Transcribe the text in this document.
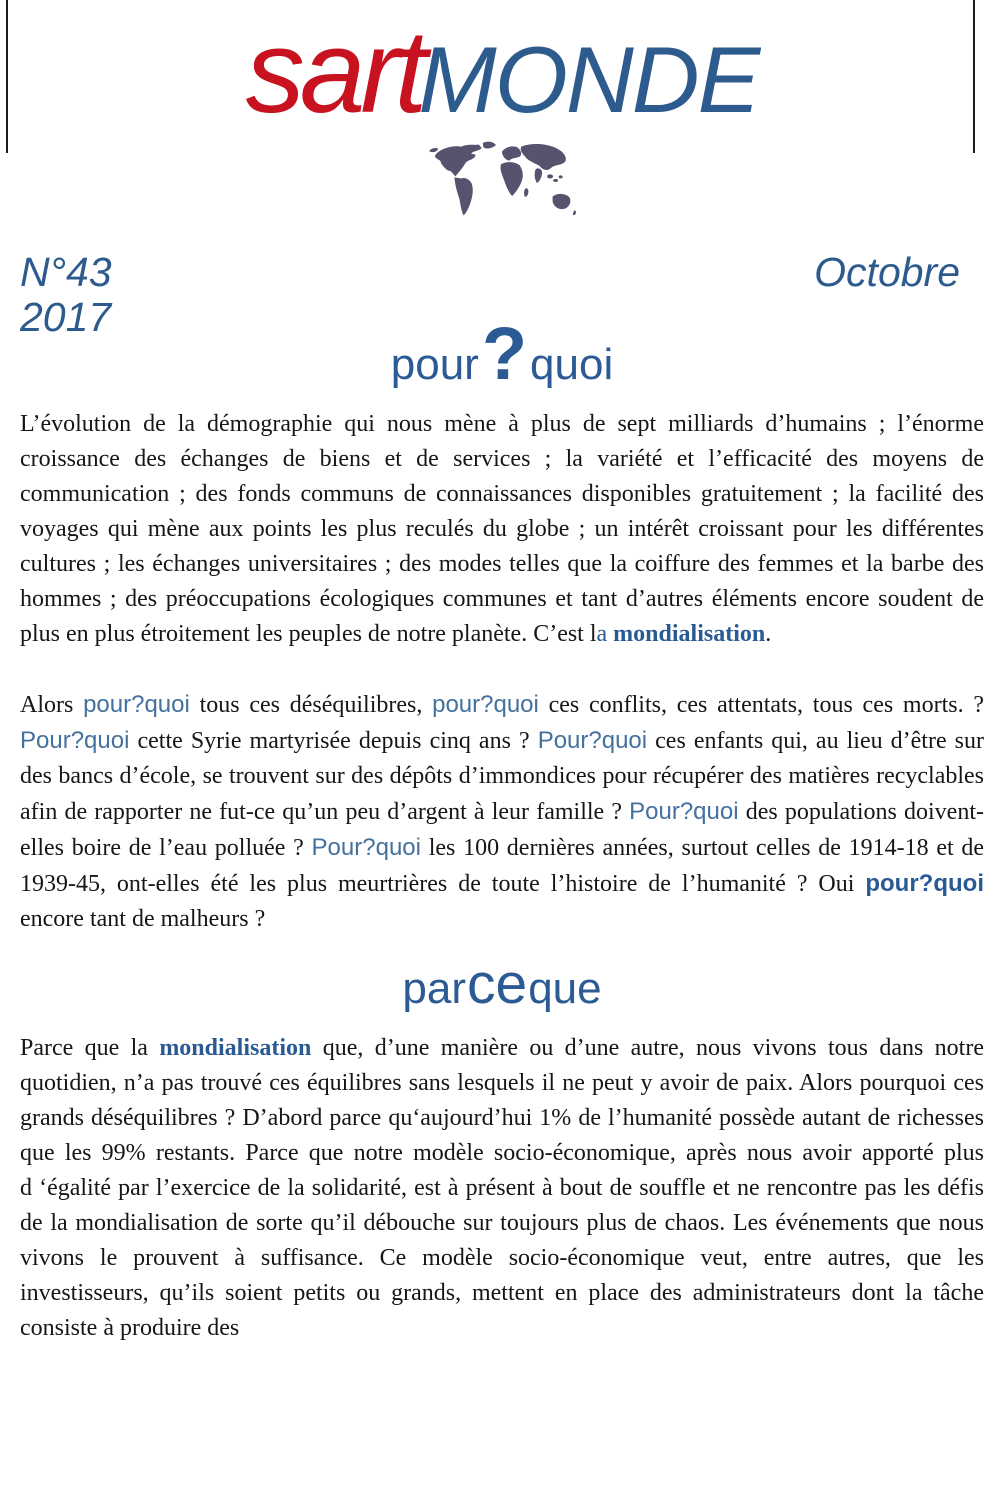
sart
MONDE
N°43
2017
Octobre
pour?quoi

L’évolution de la démographie qui nous mène à plus de sept milliards d’humains ; l’énorme croissance des échanges de biens et de services ; la variété et l’efficacité des moyens de communication ; des fonds communs de connaissances disponibles gratuitement ; la facilité des voyages qui mène aux points les plus reculés du globe ; un intérêt croissant pour les différentes cultures ; les échanges universitaires ; des modes telles que la coiffure des femmes et la barbe des hommes ; des préoccupations écologiques communes et tant d’autres éléments encore soudent de plus en plus étroitement les peuples de notre planète. C’est la mondialisation.

Alors pour?quoi tous ces déséquilibres, pour?quoi ces conflits, ces attentats, tous ces morts. ? Pour?quoi cette Syrie martyrisée depuis cinq ans ? Pour?quoi ces enfants qui, au lieu d’être sur des bancs d’école, se trouvent sur des dépôts d’immondices pour récupérer des matières recyclables afin de rapporter ne fut-ce qu’un peu d’argent à leur famille ? Pour?quoi des populations doivent-elles boire de l’eau polluée ? Pour?quoi les 100 dernières années, surtout celles de 1914-18 et de 1939-45, ont-elles été les plus meurtrières de toute l’histoire de l’humanité ? Oui pour?quoi encore tant de malheurs ?

parceque

Parce que la mondialisation que, d’une manière ou d’une autre, nous vivons tous dans notre quotidien, n’a pas trouvé ces équilibres sans lesquels il ne peut y avoir de paix. Alors pourquoi ces grands déséquilibres ? D’abord parce qu‘aujourd’hui 1% de l’humanité possède autant de richesses que les 99% restants. Parce que notre modèle socio-économique, après nous avoir apporté plus d ‘égalité par l’exercice de la solidarité, est à présent à bout de souffle et ne rencontre pas les défis de la mondialisation de sorte qu’il débouche sur toujours plus de chaos. Les événements que nous vivons le prouvent à suffisance. Ce modèle socio-économique veut, entre autres, que les investisseurs, qu’ils soient petits ou grands, mettent en place des administrateurs dont la tâche consiste à produire des
